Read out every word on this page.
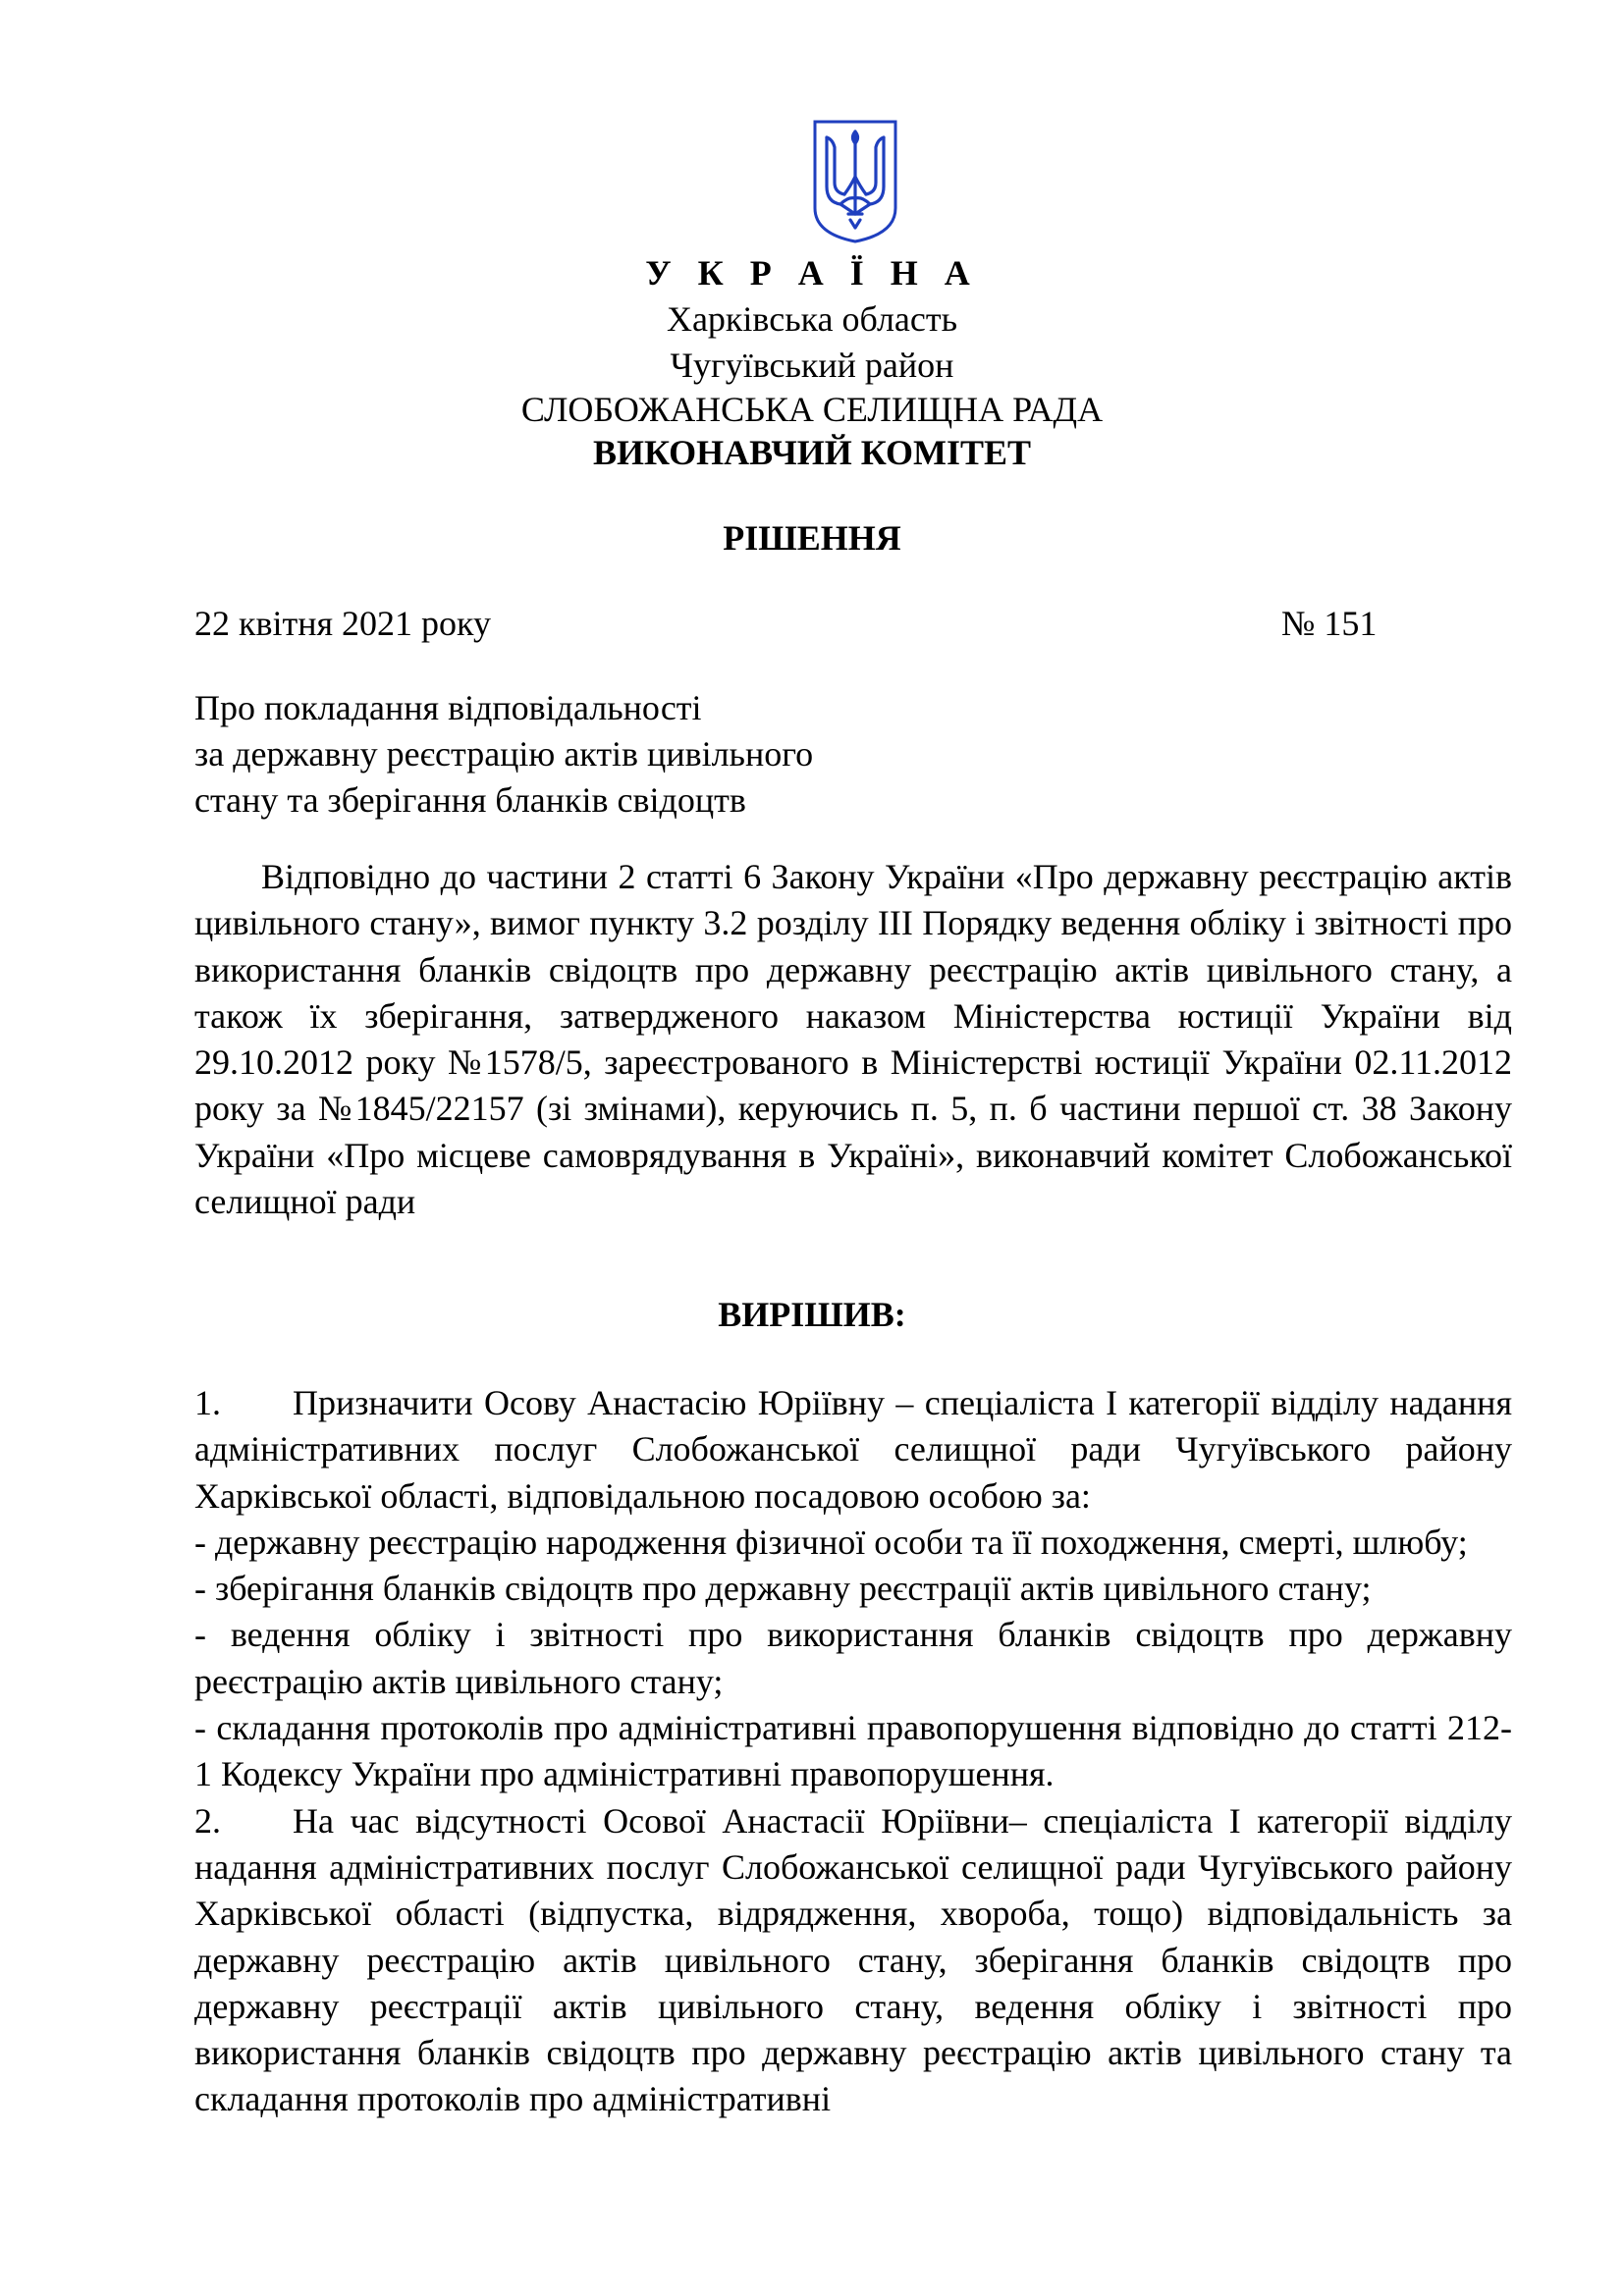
У К Р А Ї Н А
Харківська область
Чугуївський район
СЛОБОЖАНСЬКА СЕЛИЩНА РАДА
ВИКОНАВЧИЙ КОМІТЕТ
РІШЕННЯ
22 квітня 2021 року	№ 151
Про покладання відповідальності
за державну реєстрацію актів цивільного
стану та зберігання бланків свідоцтв

Відповідно до частини 2 статті 6 Закону України «Про державну реєстрацію актів цивільного стану», вимог пункту 3.2 розділу ІІІ Порядку ведення обліку і звітності про використання бланків свідоцтв про державну реєстрацію актів цивільного стану, а також їх зберігання, затвердженого наказом Міністерства юстиції України від 29.10.2012 року №1578/5, зареєстрованого в Міністерстві юстиції України 02.11.2012 року за №1845/22157 (зі змінами), керуючись п. 5, п. б частини першої ст. 38 Закону України «Про місцеве самоврядування в Україні», виконавчий комітет Слобожанської селищної ради

ВИРІШИВ:

1. Призначити Осову Анастасію Юріївну – спеціаліста I категорії відділу надання адміністративних послуг Слобожанської селищної ради Чугуївського району Харківської області, відповідальною посадовою особою за:

- державну реєстрацію народження фізичної особи та її походження, смерті, шлюбу;

- зберігання бланків свідоцтв про державну реєстрації актів цивільного стану;

- ведення обліку і звітності про використання бланків свідоцтв про державну реєстрацію актів цивільного стану;

- складання протоколів про адміністративні правопорушення відповідно до статті 212-1 Кодексу України про адміністративні правопорушення.

2. На час відсутності Осової Анастасії Юріївни– спеціаліста I категорії відділу надання адміністративних послуг Слобожанської селищної ради Чугуївського району Харківської області (відпустка, відрядження, хвороба, тощо) відповідальність за державну реєстрацію актів цивільного стану, зберігання бланків свідоцтв про державну реєстрації актів цивільного стану, ведення обліку і звітності про використання бланків свідоцтв про державну реєстрацію актів цивільного стану та складання протоколів про адміністративні
